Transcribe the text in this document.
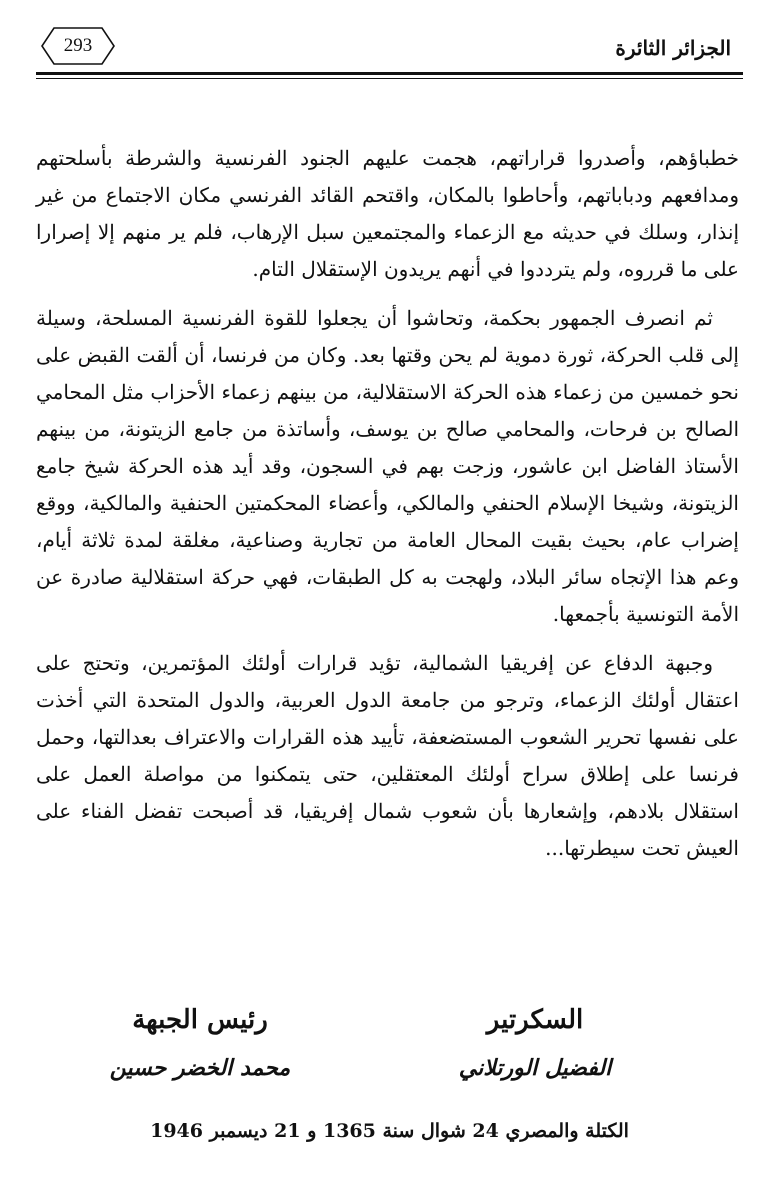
الجزائر الثائرة
293

خطباؤهم، وأصدروا قراراتهم، هجمت عليهم الجنود الفرنسية والشرطة بأسلحتهم ومدافعهم ودباباتهم، وأحاطوا بالمكان، واقتحم القائد الفرنسي مكان الاجتماع من غير إنذار، وسلك في حديثه مع الزعماء والمجتمعين سبل الإرهاب، فلم ير منهم إلا إصرارا على ما قرروه، ولم يترددوا في أنهم يريدون الإستقلال التام.

ثم انصرف الجمهور بحكمة، وتحاشوا أن يجعلوا للقوة الفرنسية المسلحة، وسيلة إلى قلب الحركة، ثورة دموية لم يحن وقتها بعد. وكان من فرنسا، أن ألقت القبض على نحو خمسين من زعماء هذه الحركة الاستقلالية، من بينهم زعماء الأحزاب مثل المحامي الصالح بن فرحات، والمحامي صالح بن يوسف، وأساتذة من جامع الزيتونة، من بينهم الأستاذ الفاضل ابن عاشور، وزجت بهم في السجون، وقد أيد هذه الحركة شيخ جامع الزيتونة، وشيخا الإسلام الحنفي والمالكي، وأعضاء المحكمتين الحنفية والمالكية، ووقع إضراب عام، بحيث بقيت المحال العامة من تجارية وصناعية، مغلقة لمدة ثلاثة أيام، وعم هذا الإتجاه سائر البلاد، ولهجت به كل الطبقات، فهي حركة استقلالية صادرة عن الأمة التونسية بأجمعها.

وجبهة الدفاع عن إفريقيا الشمالية، تؤيد قرارات أولئك المؤتمرين، وتحتج على اعتقال أولئك الزعماء، وترجو من جامعة الدول العربية، والدول المتحدة التي أخذت على نفسها تحرير الشعوب المستضعفة، تأييد هذه القرارات والاعتراف بعدالتها، وحمل فرنسا على إطلاق سراح أولئك المعتقلين، حتى يتمكنوا من مواصلة العمل على استقلال بلادهم، وإشعارها بأن شعوب شمال إفريقيا، قد أصبحت تفضل الفناء على العيش تحت سيطرتها...

السكرتير
الفضيل الورتلاني
رئيس الجبهة
محمد الخضر حسين
الكتلة والمصري 24 شوال سنة 1365 و 21 ديسمبر 1946
